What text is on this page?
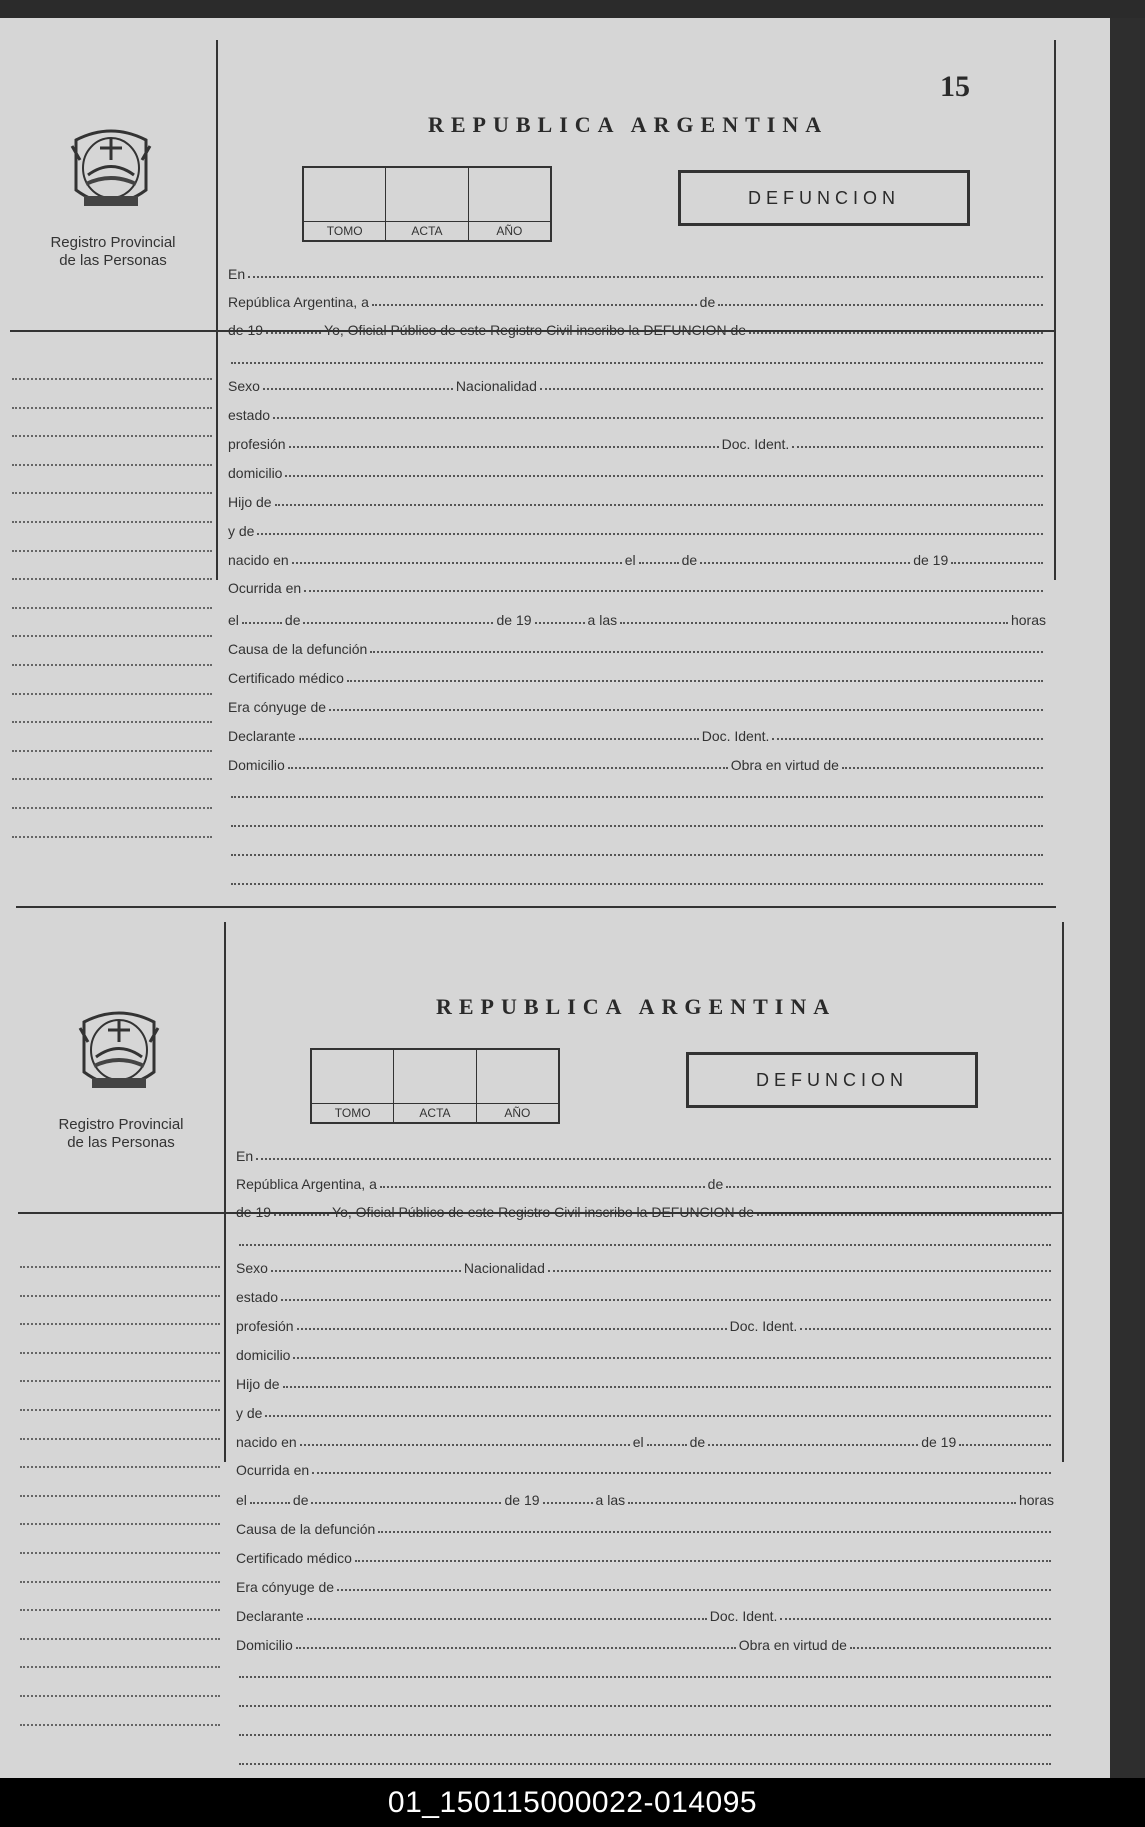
15
Registro Provincial
de las Personas
REPUBLICA ARGENTINA
TOMO	ACTA	AÑO
DEFUNCION
En
República Argentina, a	de
de 19	Yo, Oficial Público de este Registro Civil inscribo la DEFUNCION de
Sexo	Nacionalidad
estado
profesión	Doc. Ident.
domicilio
Hijo de
y de
nacido en	el	de	de 19
Ocurrida en
el	de	de 19	a las	horas
Causa de la defunción
Certificado médico
Era cónyuge de
Declarante	Doc. Ident.
Domicilio	Obra en virtud de
Registro Provincial
de las Personas
REPUBLICA ARGENTINA
TOMO	ACTA	AÑO
DEFUNCION
En
República Argentina, a	de
de 19	Yo, Oficial Público de este Registro Civil inscribo la DEFUNCION de
Sexo	Nacionalidad
estado
profesión	Doc. Ident.
domicilio
Hijo de
y de
nacido en	el	de	de 19
Ocurrida en
el	de	de 19	a las	horas
Causa de la defunción
Certificado médico
Era cónyuge de
Declarante	Doc. Ident.
Domicilio	Obra en virtud de
01_150115000022-014095
